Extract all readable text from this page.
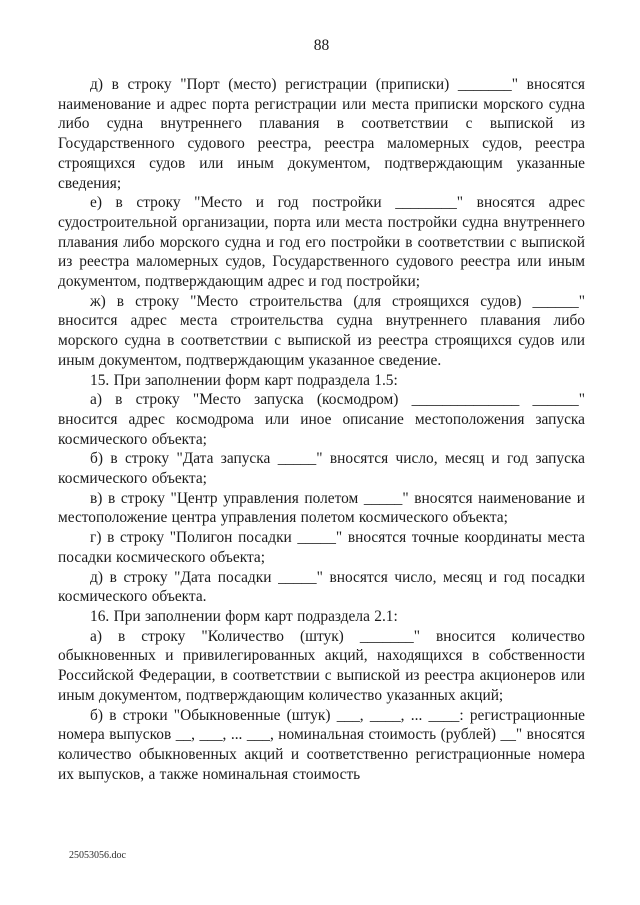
88

д) в строку "Порт (место) регистрации (приписки) _______" вносятся наименование и адрес порта регистрации или места приписки морского судна либо судна внутреннего плавания в соответствии с выпиской из Государственного судового реестра, реестра маломерных судов, реестра строящихся судов или иным документом, подтверждающим указанные сведения;

е) в строку "Место и год постройки ________" вносятся адрес судостроительной организации, порта или места постройки судна внутреннего плавания либо морского судна и год его постройки в соответствии с выпиской из реестра маломерных судов, Государственного судового реестра или иным документом, подтверждающим адрес и год постройки;

ж) в строку "Место строительства (для строящихся судов) ______" вносится адрес места строительства судна внутреннего плавания либо морского судна в соответствии с выпиской из реестра строящихся судов или иным документом, подтверждающим указанное сведение.

15. При заполнении форм карт подраздела 1.5:

а) в строку "Место запуска (космодром) ______________ ______" вносится адрес космодрома или иное описание местоположения запуска космического объекта;

б) в строку "Дата запуска _____" вносятся число, месяц и год запуска космического объекта;

в) в строку "Центр управления полетом _____" вносятся наименование и местоположение центра управления полетом космического объекта;

г) в строку "Полигон посадки _____" вносятся точные координаты места посадки космического объекта;

д) в строку "Дата посадки _____" вносятся число, месяц и год посадки космического объекта.

16. При заполнении форм карт подраздела 2.1:

а) в строку "Количество (штук) _______" вносится количество обыкновенных и привилегированных акций, находящихся в собственности Российской Федерации, в соответствии с выпиской из реестра акционеров или иным документом, подтверждающим количество указанных акций;

б) в строки "Обыкновенные (штук) ___, ____, ... ____: регистрационные номера выпусков __, ___, ... ___, номинальная стоимость (рублей) __" вносятся количество обыкновенных акций и соответственно регистрационные номера их выпусков, а также номинальная стоимость

25053056.doc
